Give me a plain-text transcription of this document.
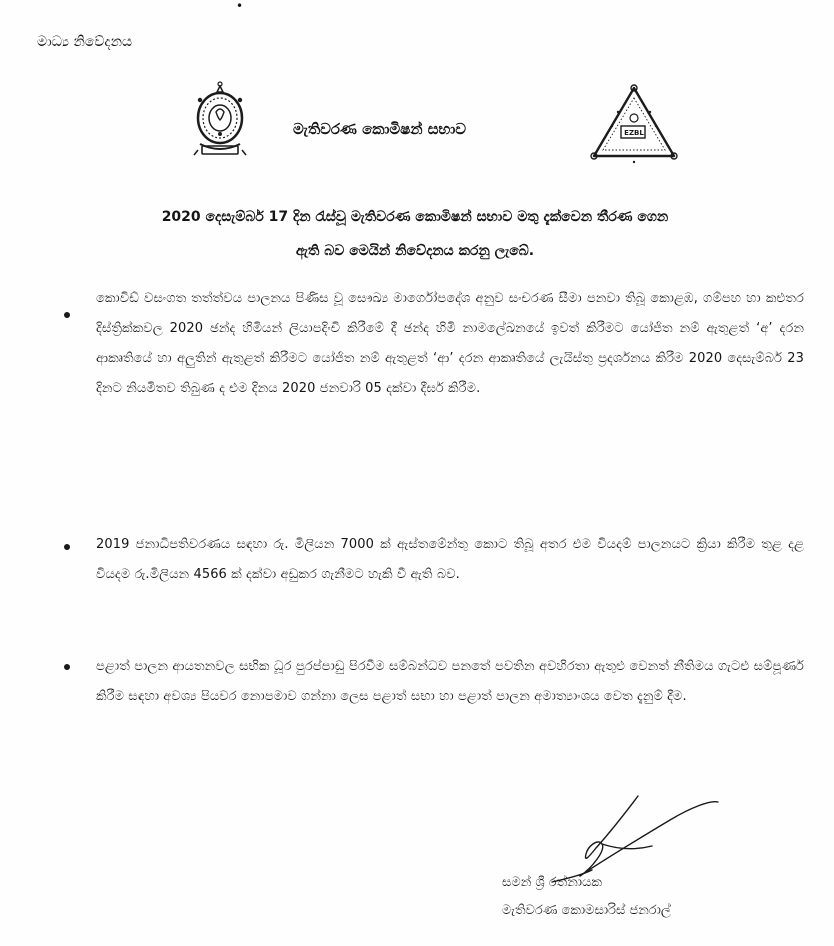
•
මාධ්‍ය නිවේදනය
EZBL
මැතිවරණ කොමිෂන් සභාව
2020 දෙසැම්බර් 17 දින රැස්වූ මැතිවරණ කොමිෂන් සභාව මතු දැක්වෙන තීරණ ගෙන
ඇති බව මෙයින් නිවේදනය කරනු ලැබේ.
කොවිඩ් වසංගත තත්ත්වය පාලනය පිණිස වූ සෞඛ්‍ය මාර්ගෝපදේශ අනුව සංචරණ සීමා පනවා තිබූ කොළඹ, ගම්පහ හා කළුතර දිස්ත්‍රික්කවල 2020 ඡන්ද හිමියන් ලියාපදිංචි කිරීමේ දී ඡන්ද හිමි නාමලේඛනයේ ඉවත් කිරීමට යෝජිත නම් ඇතුළත් ‘අ’ දරන ආකෘතියේ හා අලුතින් ඇතුළත් කිරීමට යෝජිත නම් ඇතුළත් ‘ආ’ දරන ආකෘතියේ ලැයිස්තු ප්‍රදර්ශනය කිරීම 2020 දෙසැම්බර් 23 දිනට නියමිතව තිබුණ ද එම දිනය 2020 ජනවාරි 05 දක්වා දීර්ඝ කිරීම.
2019 ජනාධිපතිවරණය සඳහා රු. මිලියන 7000 ක් ඇස්තමේන්තු කොට තිබූ අතර එම වියදම් පාලනයට ක්‍රියා කිරීම තුළ දළ වියදම රු.මිලියන 4566 ක් දක්වා අඩුකර ගැනීමට හැකි වී ඇති බව.
පළාත් පාලන ආයතනවල සභික ධූර පුරප්පාඩු පිරවීම සම්බන්ධව පනතේ පවතින අවහිරතා ඇතුළු වෙනත් නීතිමය ගැටළු සම්පූර්ණ කිරීම සඳහා අවශ්‍ය පියවර නොපමාව ගන්නා ලෙස පළාත් සභා හා පළාත් පාලන අමාත්‍යාංශය වෙත දැනුම් දීම.
සමන් ශ්‍රී රත්නායක
මැතිවරණ කොමසාරිස් ජනරාල්
